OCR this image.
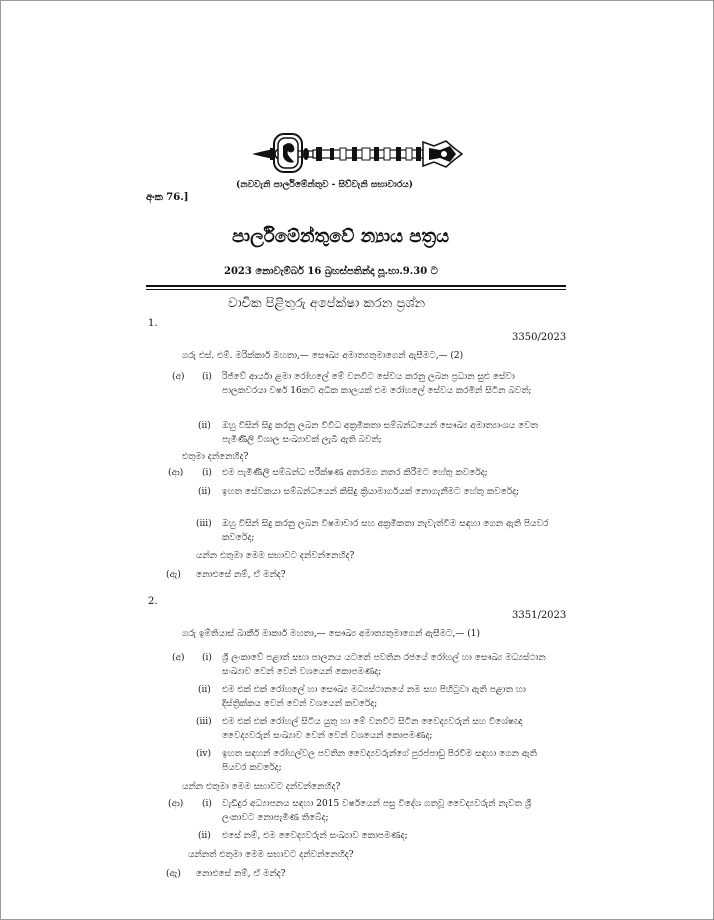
(නවවැනි පාර්ලිමේන්තුව - සිව්වැනි සභාවාරය)
අංක 76.]
පාර්ලිමේන්තුවේ න්‍යාය පත්‍රය
2023 නොවැම්බර් 16 බ්‍රහස්පතින්දා පූ.භා.9.30 ට
වාචික පිළිතුරු අපේක්ෂා කරන ප්‍රශ්න
1.
3350/2023
ගරු එස්. එම්. මරික්කාර් මහතා,— සෞඛ්‍ය අමාත්‍යතුමාගෙන් ඇසීමට,— (2)
(අ) (i) රිජ්වේ ආර්යා ළමා රෝහලේ මේ වනවිට සේවය කරනු ලබන ප්‍රධාන සුළු සේවා පාලකවරයා වර්ෂ 16කට අධික කාලයක් එම රෝහලේ සේවය කරමින් සිටින බවත්;
(ii) ඔහු විසින් සිදු කරනු ලබන විවිධ අක්‍රමිකතා සම්බන්ධයෙන් සෞඛ්‍ය අමාත්‍යාංශය වෙත පැමිණිලි විශාල සංඛ්‍යාවක් ලැබී ඇති බවත්;
එතුමා දන්නෙහිද?
(ආ) (i) එම පැමිණිලි සම්බන්ධ පරීක්ෂණ අතරමග නතර කිරීමට හේතු කවරේද;
(ii) ඉහත සේවකයා සම්බන්ධයෙන් කිසිදු ක්‍රියාමාර්ගයක් නොගැනීමට හේතු කවරේද;
(iii) ඔහු විසින් සිදු කරනු ලබන විෂමාචාර සහ අක්‍රමිකතා නැවැත්වීම සඳහා ගෙන ඇති පියවර කවරේද;
යන්න එතුමා මෙම සභාවට දන්වන්නෙහිද?
(ඇ) නොඑසේ නම්, ඒ මන්ද?
2.
3351/2023
ගරු ඉම්තියාස් බාකීර් මාකාර් මහතා,— සෞඛ්‍ය අමාත්‍යතුමාගෙන් ඇසීමට,— (1)
(අ) (i) ශ්‍රී ලංකාවේ පළාත් සභා පාලනය යටතේ පවතින රජයේ රෝහල් හා සෞඛ්‍ය මධ්‍යස්ථාන සංඛ්‍යාව වෙන් වෙන් වශයෙන් කොපමණද;
(ii) එම එක් එක් රෝහලේ හා සෞඛ්‍ය මධ්‍යස්ථානයේ නම සහ පිහිටුවා ඇති පළාත හා දිස්ත්‍රික්කය වෙන් වෙන් වශයෙන් කවරේද;
(iii) එම එක් එක් රෝහල් සිටිය යුතු හා මේ වනවිට සිටින වෛද්‍යවරුන් සහ විශේෂඥ වෛද්‍යවරුන් සංඛ්‍යාව වෙන් වෙන් වශයෙන් කොපමණද;
(iv) ඉහත සඳහන් රෝහල්වල පවතින වෛද්‍යවරුන්ගේ පුරප්පාඩු පිරවීම සඳහා ගෙන ඇති පියවර කවරේද;
යන්න එතුමා මෙම සභාවට දන්වන්නෙහිද?
(ආ) (i) වැඩිදුර අධ්‍යාපනය සඳහා 2015 වර්ෂයෙන් පසු විදේශ ගතවූ වෛද්‍යවරුන් නැවත ශ්‍රී ලංකාවට නොපැමිණ තිබේද;
(ii) එසේ නම්, එම වෛද්‍යවරුන් සංඛ්‍යාව කොපමණද;
යන්නත් එතුමා මෙම සභාවට දන්වන්නෙහිද?
(ඇ) නොඑසේ නම්, ඒ මන්ද?
